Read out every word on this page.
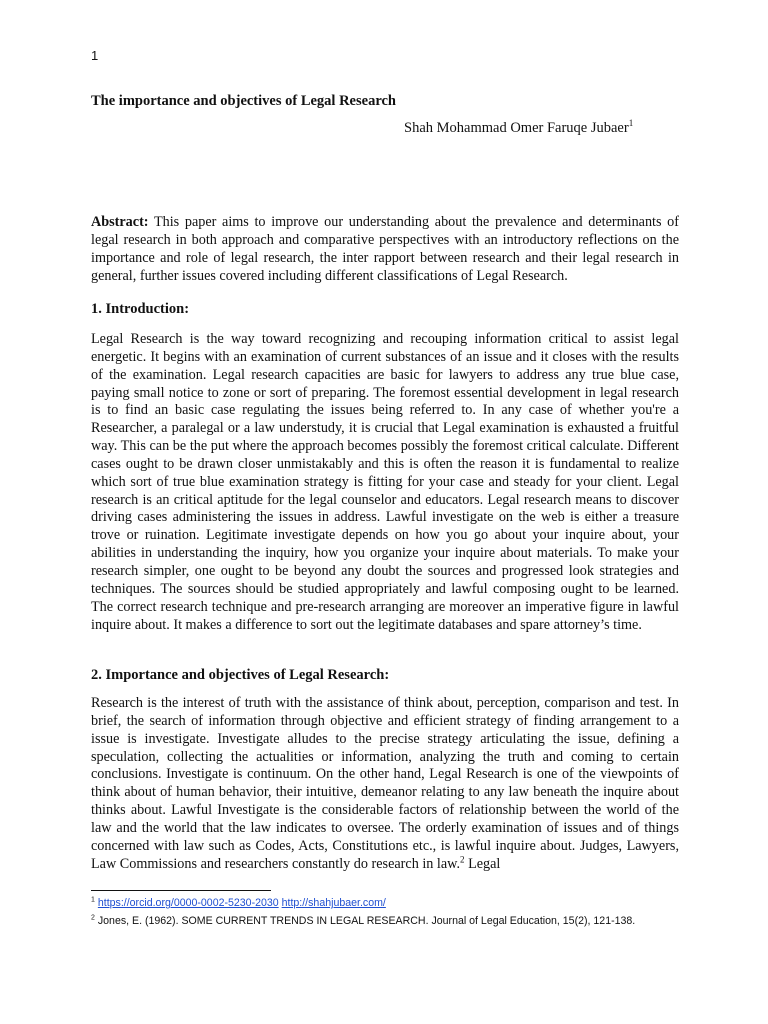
1
The importance and objectives of Legal Research
Shah Mohammad Omer Faruqe Jubaer$^1$

Abstract: This paper aims to improve our understanding about the prevalence and determinants of legal research in both approach and comparative perspectives with an introductory reflections on the importance and role of legal research, the inter rapport between research and their legal research in general, further issues covered including different classifications of Legal Research.

1. Introduction:

Legal Research is the way toward recognizing and recouping information critical to assist legal energetic. It begins with an examination of current substances of an issue and it closes with the results of the examination. Legal research capacities are basic for lawyers to address any true blue case, paying small notice to zone or sort of preparing. The foremost essential development in legal research is to find an basic case regulating the issues being referred to. In any case of whether you're a Researcher, a paralegal or a law understudy, it is crucial that Legal examination is exhausted a fruitful way. This can be the put where the approach becomes possibly the foremost critical calculate. Different cases ought to be drawn closer unmistakably and this is often the reason it is fundamental to realize which sort of true blue examination strategy is fitting for your case and steady for your client. Legal research is an critical aptitude for the legal counselor and educators. Legal research means to discover driving cases administering the issues in address. Lawful investigate on the web is either a treasure trove or ruination. Legitimate investigate depends on how you go about your inquire about, your abilities in understanding the inquiry, how you organize your inquire about materials. To make your research simpler, one ought to be beyond any doubt the sources and progressed look strategies and techniques. The sources should be studied appropriately and lawful composing ought to be learned. The correct research technique and pre-research arranging are moreover an imperative figure in lawful inquire about. It makes a difference to sort out the legitimate databases and spare attorney’s time.

2. Importance and objectives of Legal Research:

Research is the interest of truth with the assistance of think about, perception, comparison and test. In brief, the search of information through objective and efficient strategy of finding arrangement to a issue is investigate. Investigate alludes to the precise strategy articulating the issue, defining a speculation, collecting the actualities or information, analyzing the truth and coming to certain conclusions. Investigate is continuum. On the other hand, Legal Research is one of the viewpoints of think about of human behavior, their intuitive, demeanor relating to any law beneath the inquire about thinks about. Lawful Investigate is the considerable factors of relationship between the world of the law and the world that the law indicates to oversee. The orderly examination of issues and of things concerned with law such as Codes, Acts, Constitutions etc., is lawful inquire about. Judges, Lawyers, Law Commissions and researchers constantly do research in law.$^2$ Legal

$^1$ https://orcid.org/0000-0002-5230-2030 http://shahjubaer.com/
$^2$ Jones, E. (1962). SOME CURRENT TRENDS IN LEGAL RESEARCH. Journal of Legal Education, 15(2), 121-138.
